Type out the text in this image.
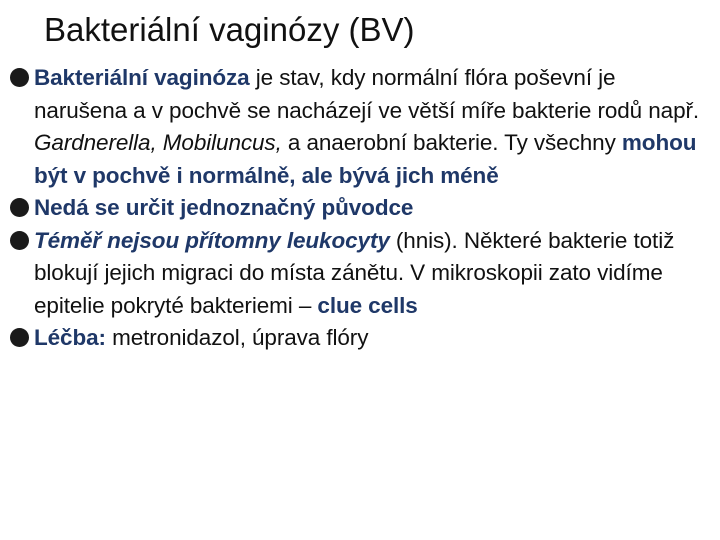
Bakteriální vaginózy (BV)
Bakteriální vaginóza je stav, kdy normální flóra poševní je narušena a v pochvě se nacházejí ve větší míře bakterie rodů např. Gardnerella, Mobiluncus, a anaerobní bakterie. Ty všechny mohou být v pochvě i normálně, ale bývá jich méně
Nedá se určit jednoznačný původce
Téměř nejsou přítomny leukocyty (hnis). Některé bakterie totiž blokují jejich migraci do místa zánětu. V mikroskopii zato vidíme epitelie pokryté bakteriemi – clue cells
Léčba: metronidazol, úprava flóry
